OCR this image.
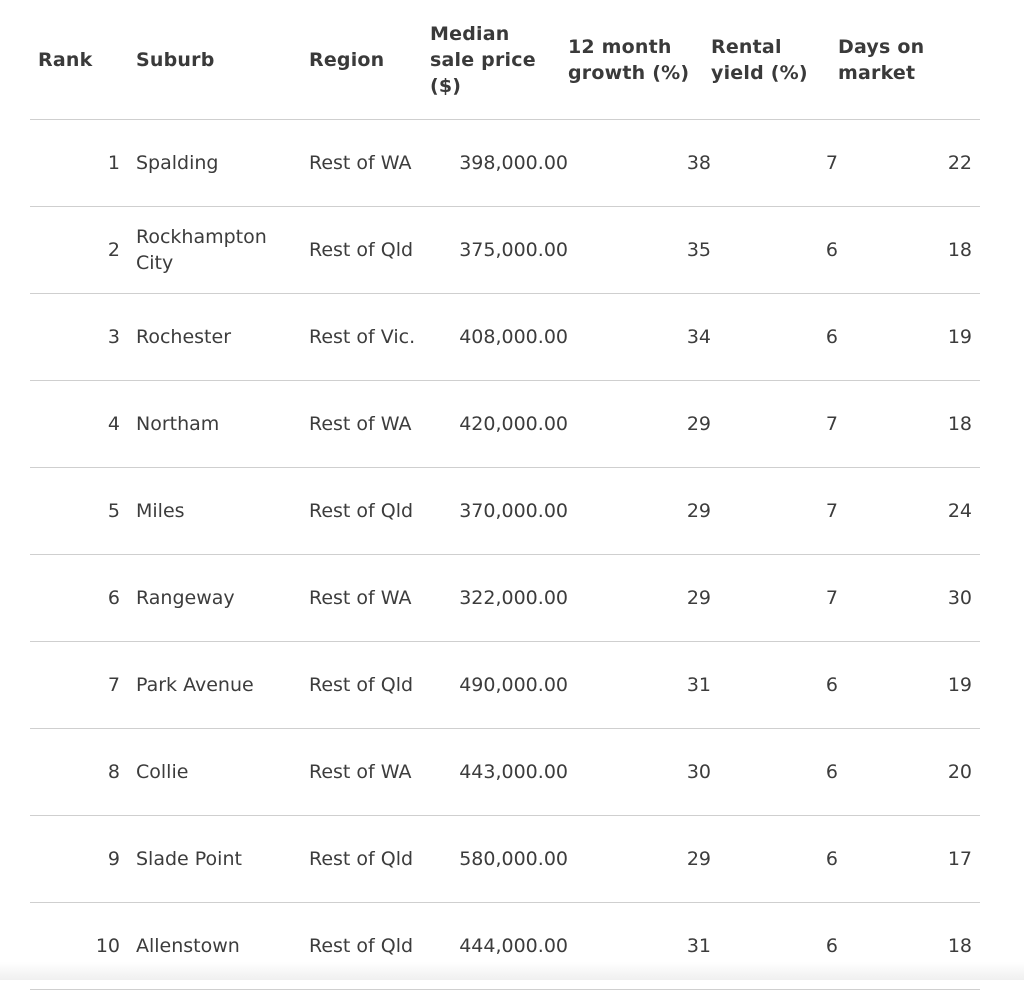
Rank	Suburb	Region	Median sale price ($)	12 month growth (%)	Rental yield (%)	Days on market
1	Spalding	Rest of WA	398,000.00	38	7	22
2	Rockhampton City	Rest of Qld	375,000.00	35	6	18
3	Rochester	Rest of Vic.	408,000.00	34	6	19
4	Northam	Rest of WA	420,000.00	29	7	18
5	Miles	Rest of Qld	370,000.00	29	7	24
6	Rangeway	Rest of WA	322,000.00	29	7	30
7	Park Avenue	Rest of Qld	490,000.00	31	6	19
8	Collie	Rest of WA	443,000.00	30	6	20
9	Slade Point	Rest of Qld	580,000.00	29	6	17
10	Allenstown	Rest of Qld	444,000.00	31	6	18
